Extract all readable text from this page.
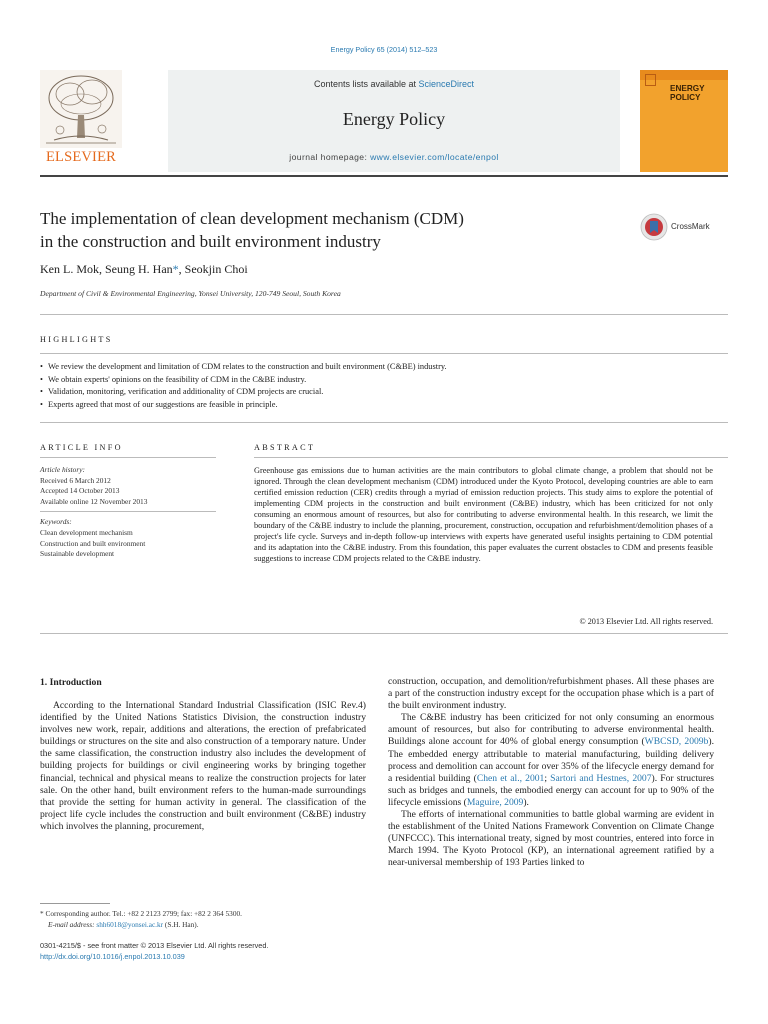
Energy Policy 65 (2014) 512–523
ELSEVIER
Contents lists available at ScienceDirect
Energy Policy
journal homepage: www.elsevier.com/locate/enpol
ENERGY
POLICY
The implementation of clean development mechanism (CDM)
in the construction and built environment industry
CrossMark
Ken L. Mok, Seung H. Han*, Seokjin Choi
Department of Civil & Environmental Engineering, Yonsei University, 120-749 Seoul, South Korea
HIGHLIGHTS
• We review the development and limitation of CDM relates to the construction and built environment (C&BE) industry.
• We obtain experts' opinions on the feasibility of CDM in the C&BE industry.
• Validation, monitoring, verification and additionality of CDM projects are crucial.
• Experts agreed that most of our suggestions are feasible in principle.
ARTICLE INFO
Article history:
Received 6 March 2012
Accepted 14 October 2013
Available online 12 November 2013
Keywords:
Clean development mechanism
Construction and built environment
Sustainable development
ABSTRACT
Greenhouse gas emissions due to human activities are the main contributors to global climate change, a problem that should not be ignored. Through the clean development mechanism (CDM) introduced under the Kyoto Protocol, developing countries are able to earn certified emission reduction (CER) credits through a myriad of emission reduction projects. This study aims to explore the potential of implementing CDM projects in the construction and built environment (C&BE) industry, which has been criticized for not only consuming an enormous amount of resources, but also for contributing to adverse environmental health. In this research, we limit the boundary of the C&BE industry to include the planning, procurement, construction, occupation and refurbishment/demolition phases of a project's life cycle. Surveys and in-depth follow-up interviews with experts have generated useful insights pertaining to CDM potential and its adaptation into the C&BE industry. From this foundation, this paper evaluates the current obstacles to CDM and presents feasible suggestions to increase CDM projects related to the C&BE industry.
© 2013 Elsevier Ltd. All rights reserved.
1. Introduction

According to the International Standard Industrial Classification (ISIC Rev.4) identified by the United Nations Statistics Division, the construction industry involves new work, repair, additions and alterations, the erection of prefabricated buildings or structures on the site and also construction of a temporary nature. Under the same classification, the construction industry also includes the development of building projects for buildings or civil engineering works by bringing together financial, technical and physical means to realize the construction projects for later sale. On the other hand, built environment refers to the human-made surroundings that provide the setting for human activity in general. The classification of the project life cycle includes the construction and built environment (C&BE) industry which involves the planning, procurement,

construction, occupation, and demolition/refurbishment phases. All these phases are a part of the construction industry except for the occupation phase which is a part of the built environment industry.

The C&BE industry has been criticized for not only consuming an enormous amount of resources, but also for contributing to adverse environmental health. Buildings alone account for 40% of global energy consumption (WBCSD, 2009b). The embedded energy attributable to material manufacturing, building delivery process and demolition can account for over 35% of the lifecycle energy demand for a residential building (Chen et al., 2001; Sartori and Hestnes, 2007). For structures such as bridges and tunnels, the embodied energy can account for up to 90% of the lifecycle emissions (Maguire, 2009).

The efforts of international communities to battle global warming are evident in the establishment of the United Nations Framework Convention on Climate Change (UNFCCC). This international treaty, signed by most countries, entered into force in March 1994. The Kyoto Protocol (KP), an international agreement ratified by a near-universal membership of 193 Parties linked to

* Corresponding author. Tel.: +82 2 2123 2799; fax: +82 2 364 5300.
E-mail address: shh6018@yonsei.ac.kr (S.H. Han).
0301-4215/$ - see front matter © 2013 Elsevier Ltd. All rights reserved.
http://dx.doi.org/10.1016/j.enpol.2013.10.039
